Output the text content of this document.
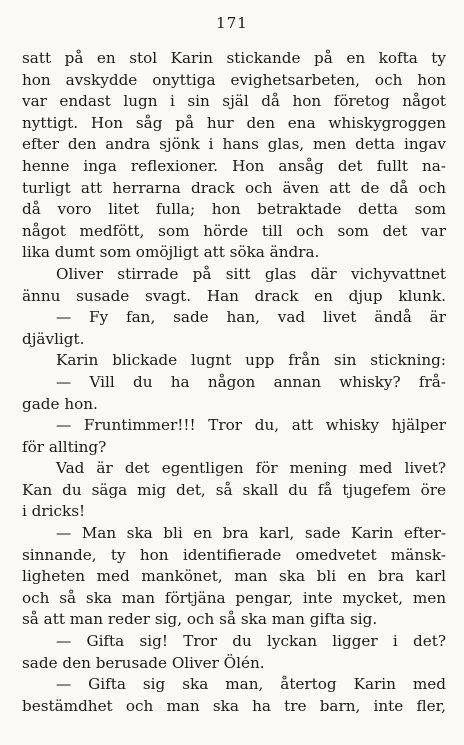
171
satt på en stol Karin stickande på en kofta ty
hon avskydde onyttiga evighetsarbeten, och hon
var endast lugn i sin själ då hon företog något
nyttigt. Hon såg på hur den ena whiskygroggen
efter den andra sjönk i hans glas, men detta ingav
henne inga reflexioner. Hon ansåg det fullt na-
turligt att herrarna drack och även att de då och
då voro litet fulla; hon betraktade detta som
något medfött, som hörde till och som det var
lika dumt som omöjligt att söka ändra.
Oliver stirrade på sitt glas där vichyvattnet
ännu susade svagt. Han drack en djup klunk.
— Fy fan, sade han, vad livet ändå är
djävligt.
Karin blickade lugnt upp från sin stickning:
— Vill du ha någon annan whisky? frå-
gade hon.
— Fruntimmer!!! Tror du, att whisky hjälper
för allting?
Vad är det egentligen för mening med livet?
Kan du säga mig det, så skall du få tjugefem öre
i dricks!
— Man ska bli en bra karl, sade Karin efter-
sinnande, ty hon identifierade omedvetet mänsk-
ligheten med mankönet, man ska bli en bra karl
och så ska man förtjäna pengar, inte mycket, men
så att man reder sig, och så ska man gifta sig.
— Gifta sig! Tror du lyckan ligger i det?
sade den berusade Oliver Ölén.
— Gifta sig ska man, återtog Karin med
bestämdhet och man ska ha tre barn, inte fler,
